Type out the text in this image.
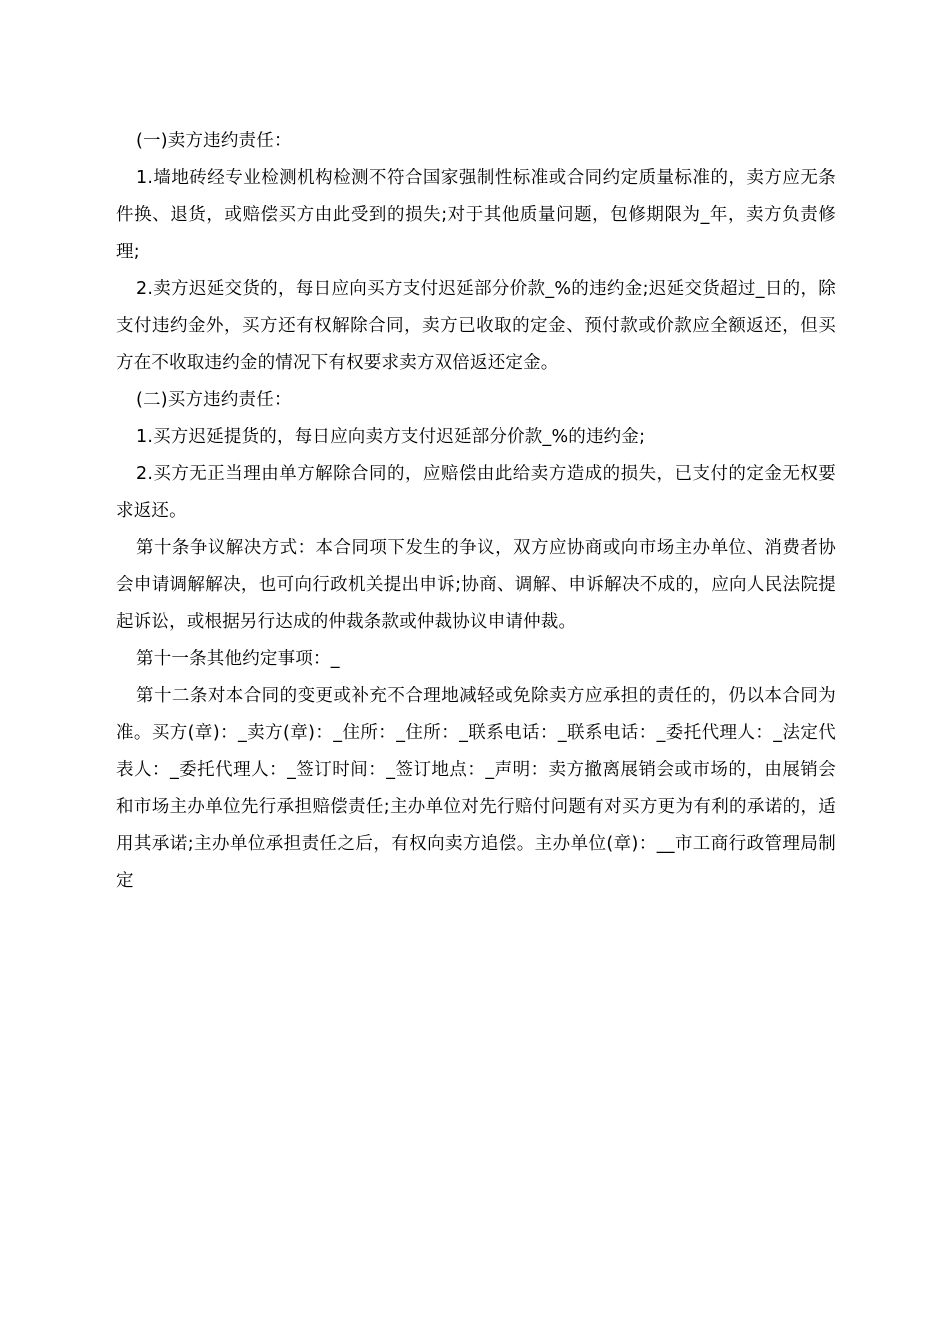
(一)卖方违约责任：

1.墙地砖经专业检测机构检测不符合国家强制性标准或合同约定质量标准的，卖方应无条件换、退货，或赔偿买方由此受到的损失;对于其他质量问题，包修期限为_年，卖方负责修理;

2.卖方迟延交货的，每日应向买方支付迟延部分价款_%的违约金;迟延交货超过_日的，除支付违约金外，买方还有权解除合同，卖方已收取的定金、预付款或价款应全额返还，但买方在不收取违约金的情况下有权要求卖方双倍返还定金。

(二)买方违约责任：

1.买方迟延提货的，每日应向卖方支付迟延部分价款_%的违约金;

2.买方无正当理由单方解除合同的，应赔偿由此给卖方造成的损失，已支付的定金无权要求返还。

第十条争议解决方式：本合同项下发生的争议，双方应协商或向市场主办单位、消费者协会申请调解解决，也可向行政机关提出申诉;协商、调解、申诉解决不成的，应向人民法院提起诉讼，或根据另行达成的仲裁条款或仲裁协议申请仲裁。

第十一条其他约定事项：_

第十二条对本合同的变更或补充不合理地减轻或免除卖方应承担的责任的，仍以本合同为准。买方(章)：_卖方(章)：_住所：_住所：_联系电话：_联系电话：_委托代理人：_法定代表人：_委托代理人：_签订时间：_签订地点：_声明：卖方撤离展销会或市场的，由展销会和市场主办单位先行承担赔偿责任;主办单位对先行赔付问题有对买方更为有利的承诺的，适用其承诺;主办单位承担责任之后，有权向卖方追偿。主办单位(章)：__市工商行政管理局制定
